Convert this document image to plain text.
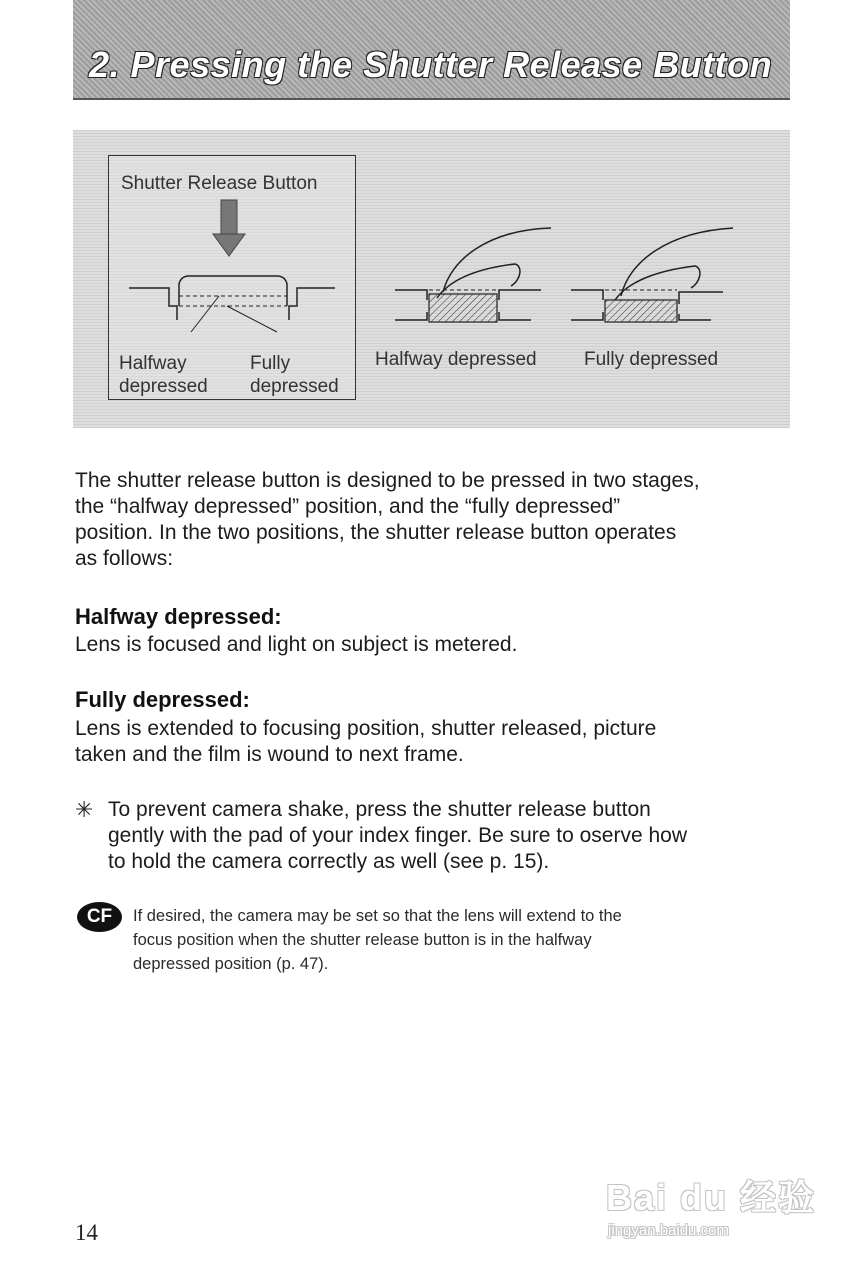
2. Pressing the Shutter Release Button
Shutter Release Button
Halfway
depressed
Fully
depressed
Halfway depressed Fully depressed
The shutter release button is designed to be pressed in two stages,
the “halfway depressed” position, and the “fully depressed”
position. In the two positions, the shutter release button operates
as follows:
Halfway depressed:
Lens is focused and light on subject is metered.
Fully depressed:
Lens is extended to focusing position, shutter released, picture
taken and the film is wound to next frame.
✳ To prevent camera shake, press the shutter release button
gently with the pad of your index finger. Be sure to oserve how
to hold the camera correctly as well (see p. 15).
CF	If desired, the camera may be set so that the lens will extend to the
focus position when the shutter release button is in the halfway
depressed position (p. 47).
14
Bai du 经验
jingyan.baidu.com
